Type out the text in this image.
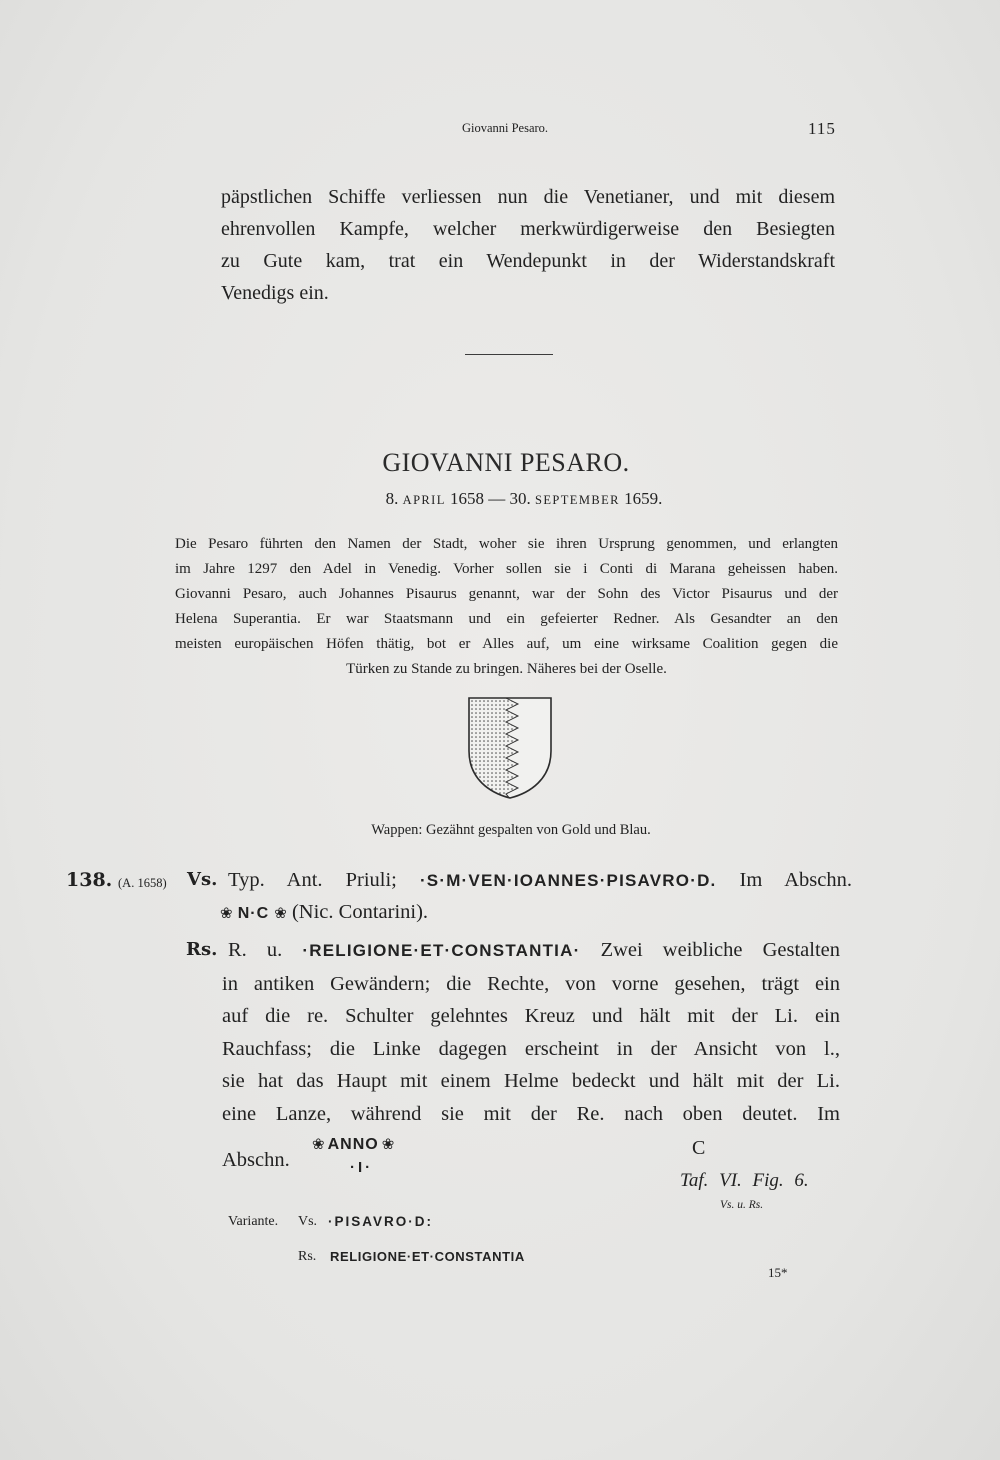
Giovanni Pesaro.	115
päpstlichen Schiffe verliessen nun die Venetianer, und mit diesem
ehrenvollen Kampfe, welcher merkwürdigerweise den Besiegten
zu Gute kam, trat ein Wendepunkt in der Widerstandskraft
Venedigs ein.
GIOVANNI PESARO.
8. APRIL 1658 — 30. SEPTEMBER 1659.
Die Pesaro führten den Namen der Stadt, woher sie ihren Ursprung genommen, und erlangten
im Jahre 1297 den Adel in Venedig. Vorher sollen sie i Conti di Marana geheissen haben.
Giovanni Pesaro, auch Johannes Pisaurus genannt, war der Sohn des Victor Pisaurus und der
Helena Superantia. Er war Staatsmann und ein gefeierter Redner. Als Gesandter an den
meisten europäischen Höfen thätig, bot er Alles auf, um eine wirksame Coalition gegen die
Türken zu Stande zu bringen. Näheres bei der Oselle.
Wappen: Gezähnt gespalten von Gold und Blau.
138. (A. 1658) Vs. Typ. Ant. Priuli; ·S·M·VEN·IOANNES·PISAVRO·D. Im Abschn.
❀ N·C ❀ (Nic. Contarini).
Rs. R. u. ·RELIGIONE·ET·CONSTANTIA· Zwei weibliche Gestalten
in antiken Gewändern; die Rechte, von vorne gesehen, trägt ein
auf die re. Schulter gelehntes Kreuz und hält mit der Li. ein
Rauchfass; die Linke dagegen erscheint in der Ansicht von l.,
sie hat das Haupt mit einem Helme bedeckt und hält mit der Li.
eine Lanze, während sie mit der Re. nach oben deutet. Im
Abschn.
❀ ANNO ❀
·I·
C
Taf. VI. Fig. 6.
Vs. u. Rs.
Variante. Vs. ·PISAVRO·D:
Rs. RELIGIONE·ET·CONSTANTIA
15*
